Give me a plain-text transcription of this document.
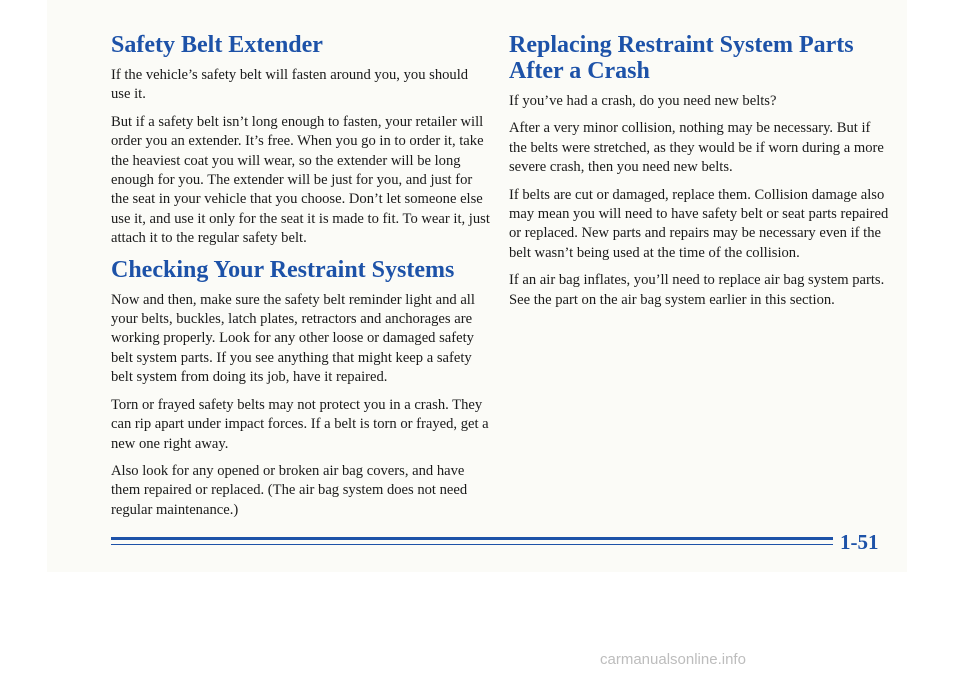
Safety Belt Extender

If the vehicle’s safety belt will fasten around you, you should use it.

But if a safety belt isn’t long enough to fasten, your retailer will order you an extender. It’s free. When you go in to order it, take the heaviest coat you will wear, so the extender will be long enough for you. The extender will be just for you, and just for the seat in your vehicle that you choose. Don’t let someone else use it, and use it only for the seat it is made to fit. To wear it, just attach it to the regular safety belt.

Checking Your Restraint Systems

Now and then, make sure the safety belt reminder light and all your belts, buckles, latch plates, retractors and anchorages are working properly. Look for any other loose or damaged safety belt system parts. If you see anything that might keep a safety belt system from doing its job, have it repaired.

Torn or frayed safety belts may not protect you in a crash. They can rip apart under impact forces. If a belt is torn or frayed, get a new one right away.

Also look for any opened or broken air bag covers, and have them repaired or replaced. (The air bag system does not need regular maintenance.)

Replacing Restraint System Parts After a Crash

If you’ve had a crash, do you need new belts?

After a very minor collision, nothing may be necessary. But if the belts were stretched, as they would be if worn during a more severe crash, then you need new belts.

If belts are cut or damaged, replace them. Collision damage also may mean you will need to have safety belt or seat parts repaired or replaced. New parts and repairs may be necessary even if the belt wasn’t being used at the time of the collision.

If an air bag inflates, you’ll need to replace air bag system parts. See the part on the air bag system earlier in this section.

1-51
carmanualsonline.info
